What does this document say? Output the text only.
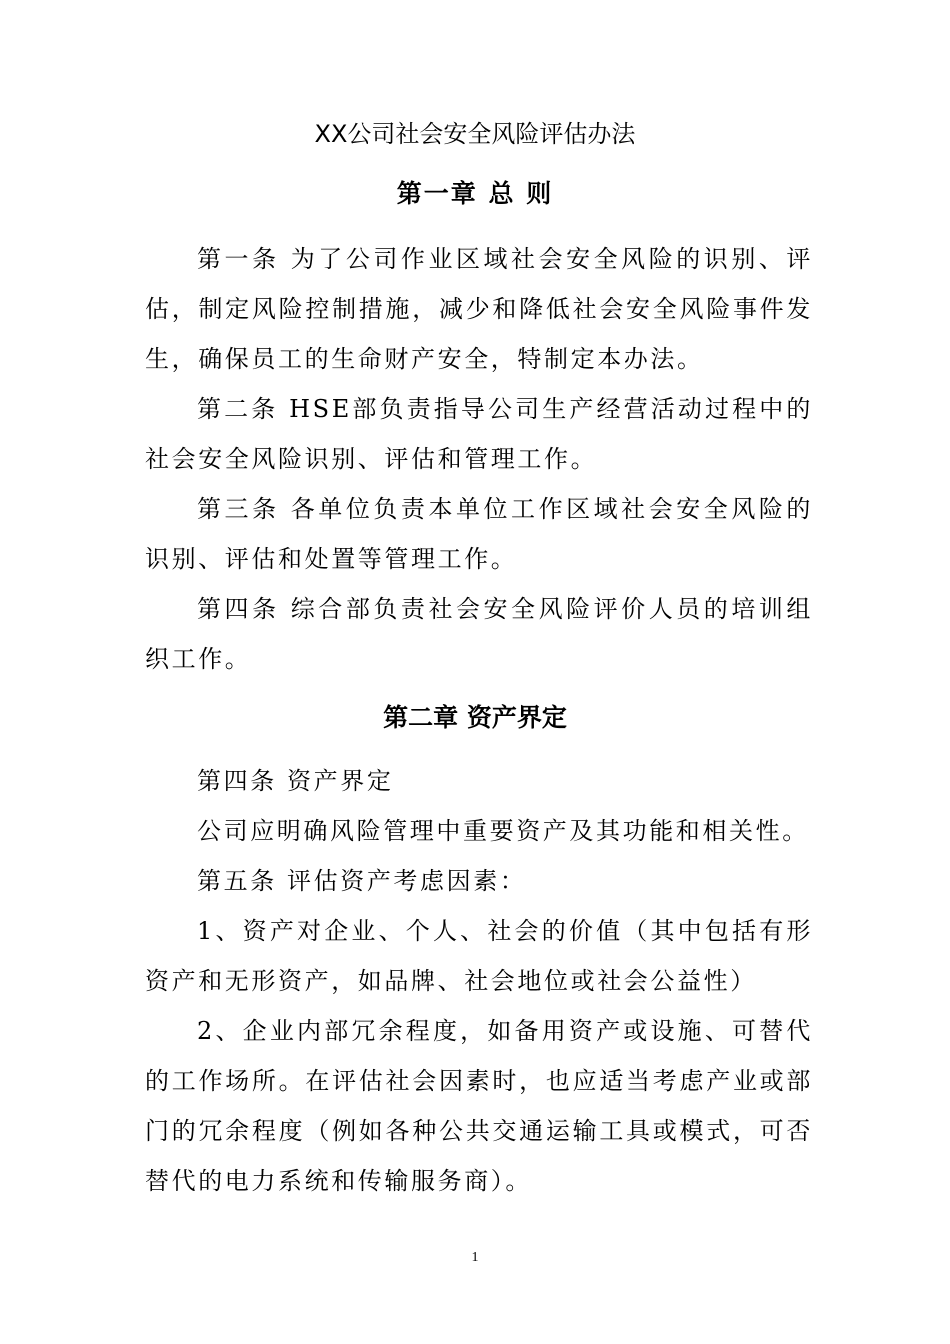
XX公司社会安全风险评估办法
第一章 总 则

第一条 为了公司作业区域社会安全风险的识别、评估，制定风险控制措施，减少和降低社会安全风险事件发生，确保员工的生命财产安全，特制定本办法。

第二条 HSE部负责指导公司生产经营活动过程中的社会安全风险识别、评估和管理工作。

第三条 各单位负责本单位工作区域社会安全风险的识别、评估和处置等管理工作。

第四条 综合部负责社会安全风险评价人员的培训组织工作。

第二章 资产界定

第四条 资产界定

公司应明确风险管理中重要资产及其功能和相关性。

第五条 评估资产考虑因素：

1、资产对企业、个人、社会的价值（其中包括有形资产和无形资产，如品牌、社会地位或社会公益性）

2、企业内部冗余程度，如备用资产或设施、可替代的工作场所。在评估社会因素时，也应适当考虑产业或部门的冗余程度（例如各种公共交通运输工具或模式，可否替代的电力系统和传输服务商）。

1
